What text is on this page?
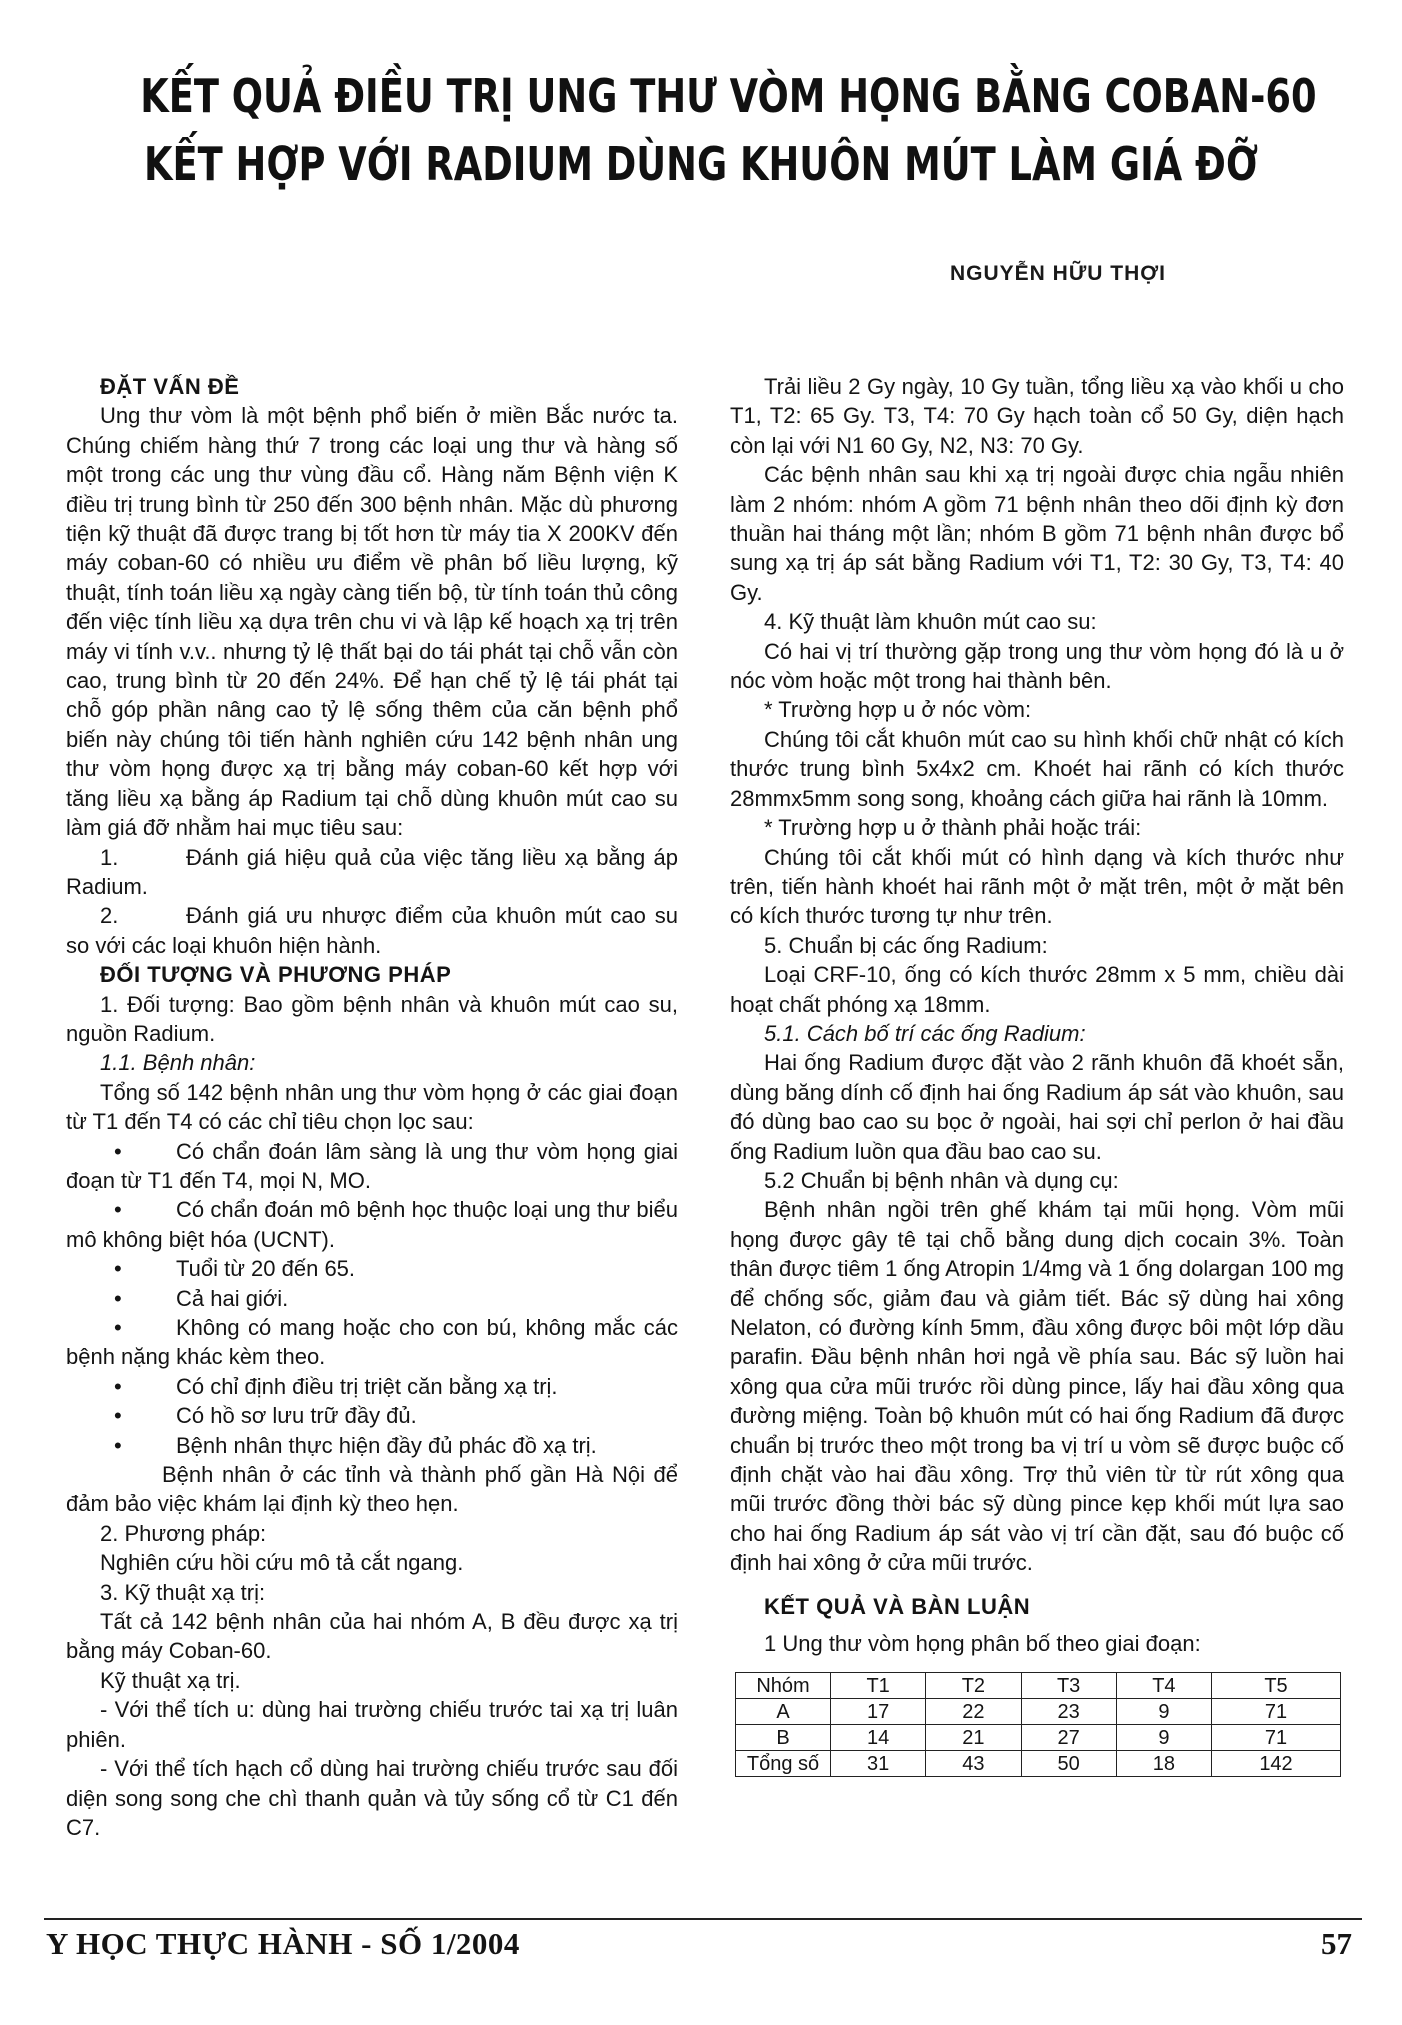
KẾT QUẢ ĐIỀU TRỊ UNG THƯ VÒM HỌNG BẰNG COBAN-60
KẾT HỢP VỚI RADIUM DÙNG KHUÔN MÚT LÀM GIÁ ĐỠ
NGUYỄN HỮU THỢI

ĐẶT VẤN ĐỀ

Ung thư vòm là một bệnh phổ biến ở miền Bắc nước ta. Chúng chiếm hàng thứ 7 trong các loại ung thư và hàng số một trong các ung thư vùng đầu cổ. Hàng năm Bệnh viện K điều trị trung bình từ 250 đến 300 bệnh nhân. Mặc dù phương tiện kỹ thuật đã được trang bị tốt hơn từ máy tia X 200KV đến máy coban-60 có nhiều ưu điểm về phân bố liều lượng, kỹ thuật, tính toán liều xạ ngày càng tiến bộ, từ tính toán thủ công đến việc tính liều xạ dựa trên chu vi và lập kế hoạch xạ trị trên máy vi tính v.v.. nhưng tỷ lệ thất bại do tái phát tại chỗ vẫn còn cao, trung bình từ 20 đến 24%. Để hạn chế tỷ lệ tái phát tại chỗ góp phần nâng cao tỷ lệ sống thêm của căn bệnh phổ biến này chúng tôi tiến hành nghiên cứu 142 bệnh nhân ung thư vòm họng được xạ trị bằng máy coban-60 kết hợp với tăng liều xạ bằng áp Radium tại chỗ dùng khuôn mút cao su làm giá đỡ nhằm hai mục tiêu sau:

1.	Đánh giá hiệu quả của việc tăng liều xạ bằng áp Radium.

2.	Đánh giá ưu nhược điểm của khuôn mút cao su so với các loại khuôn hiện hành.

ĐỐI TƯỢNG VÀ PHƯƠNG PHÁP

1. Đối tượng: Bao gồm bệnh nhân và khuôn mút cao su, nguồn Radium.

1.1. Bệnh nhân:

Tổng số 142 bệnh nhân ung thư vòm họng ở các giai đoạn từ T1 đến T4 có các chỉ tiêu chọn lọc sau:

• Có chẩn đoán lâm sàng là ung thư vòm họng giai đoạn từ T1 đến T4, mọi N, MO.

• Có chẩn đoán mô bệnh học thuộc loại ung thư biểu mô không biệt hóa (UCNT).

• Tuổi từ 20 đến 65.

• Cả hai giới.

• Không có mang hoặc cho con bú, không mắc các bệnh nặng khác kèm theo.

• Có chỉ định điều trị triệt căn bằng xạ trị.

• Có hồ sơ lưu trữ đầy đủ.

• Bệnh nhân thực hiện đầy đủ phác đồ xạ trị.

Bệnh nhân ở các tỉnh và thành phố gần Hà Nội để đảm bảo việc khám lại định kỳ theo hẹn.

2. Phương pháp:

Nghiên cứu hồi cứu mô tả cắt ngang.

3. Kỹ thuật xạ trị:

Tất cả 142 bệnh nhân của hai nhóm A, B đều được xạ trị bằng máy Coban-60.

Kỹ thuật xạ trị.

- Với thể tích u: dùng hai trường chiếu trước tai xạ trị luân phiên.

- Với thể tích hạch cổ dùng hai trường chiếu trước sau đối diện song song che chì thanh quản và tủy sống cổ từ C1 đến C7.

Trải liều 2 Gy ngày, 10 Gy tuần, tổng liều xạ vào khối u cho T1, T2: 65 Gy. T3, T4: 70 Gy hạch toàn cổ 50 Gy, diện hạch còn lại với N1 60 Gy, N2, N3: 70 Gy.

Các bệnh nhân sau khi xạ trị ngoài được chia ngẫu nhiên làm 2 nhóm: nhóm A gồm 71 bệnh nhân theo dõi định kỳ đơn thuần hai tháng một lần; nhóm B gồm 71 bệnh nhân được bổ sung xạ trị áp sát bằng Radium với T1, T2: 30 Gy, T3, T4: 40 Gy.

4. Kỹ thuật làm khuôn mút cao su:

Có hai vị trí thường gặp trong ung thư vòm họng đó là u ở nóc vòm hoặc một trong hai thành bên.

* Trường hợp u ở nóc vòm:

Chúng tôi cắt khuôn mút cao su hình khối chữ nhật có kích thước trung bình 5x4x2 cm. Khoét hai rãnh có kích thước 28mmx5mm song song, khoảng cách giữa hai rãnh là 10mm.

* Trường hợp u ở thành phải hoặc trái:

Chúng tôi cắt khối mút có hình dạng và kích thước như trên, tiến hành khoét hai rãnh một ở mặt trên, một ở mặt bên có kích thước tương tự như trên.

5. Chuẩn bị các ống Radium:

Loại CRF-10, ống có kích thước 28mm x 5 mm, chiều dài hoạt chất phóng xạ 18mm.

5.1. Cách bố trí các ống Radium:

Hai ống Radium được đặt vào 2 rãnh khuôn đã khoét sẵn, dùng băng dính cố định hai ống Radium áp sát vào khuôn, sau đó dùng bao cao su bọc ở ngoài, hai sợi chỉ perlon ở hai đầu ống Radium luồn qua đầu bao cao su.

5.2 Chuẩn bị bệnh nhân và dụng cụ:

Bệnh nhân ngồi trên ghế khám tại mũi họng. Vòm mũi họng được gây tê tại chỗ bằng dung dịch cocain 3%. Toàn thân được tiêm 1 ống Atropin 1/4mg và 1 ống dolargan 100 mg để chống sốc, giảm đau và giảm tiết. Bác sỹ dùng hai xông Nelaton, có đường kính 5mm, đầu xông được bôi một lớp dầu parafin. Đầu bệnh nhân hơi ngả về phía sau. Bác sỹ luồn hai xông qua cửa mũi trước rồi dùng pince, lấy hai đầu xông qua đường miệng. Toàn bộ khuôn mút có hai ống Radium đã được chuẩn bị trước theo một trong ba vị trí u vòm sẽ được buộc cố định chặt vào hai đầu xông. Trợ thủ viên từ từ rút xông qua mũi trước đồng thời bác sỹ dùng pince kẹp khối mút lựa sao cho hai ống Radium áp sát vào vị trí cần đặt, sau đó buộc cố định hai xông ở cửa mũi trước.

KẾT QUẢ VÀ BÀN LUẬN

1 Ung thư vòm họng phân bố theo giai đoạn:

Nhóm	T1	T2	T3	T4	T5
A	17	22	23	9	71
B	14	21	27	9	71
Tổng số	31	43	50	18	142
Y HỌC THỰC HÀNH - SỐ 1/2004	57
